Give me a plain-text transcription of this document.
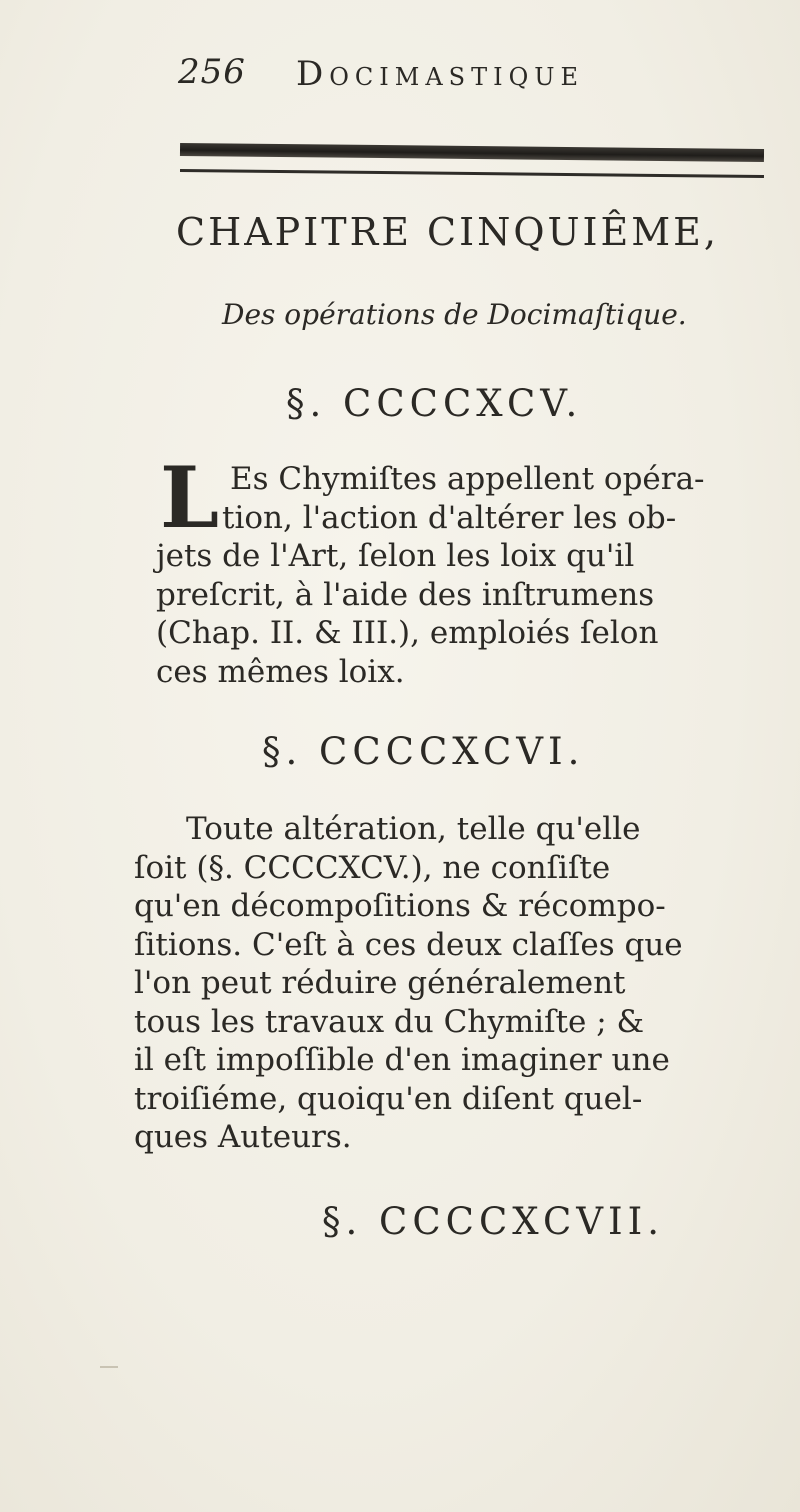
256 Docimastique
CHAPITRE CINQUIÊME,
Des opérations de Docimaſtique.
§. CCCCXCV.
L Es Chymiſtes appellent opéra-
tion, l'action d'altérer les ob-
jets de l'Art, ſelon les loix qu'il
preſcrit, à l'aide des inſtrumens
(Chap. II. & III.), emploiés ſelon
ces mêmes loix.
§. CCCCXCVI.
Toute altération, telle qu'elle
ſoit (§. CCCCXCV.), ne conſiſte
qu'en décompoſitions & récompo-
ſitions. C'eſt à ces deux claſſes que
l'on peut réduire généralement
tous les travaux du Chymiſte ; &
il eſt impoſſible d'en imaginer une
troiſiéme, quoiqu'en diſent quel-
ques Auteurs.
§. CCCCXCVII.
